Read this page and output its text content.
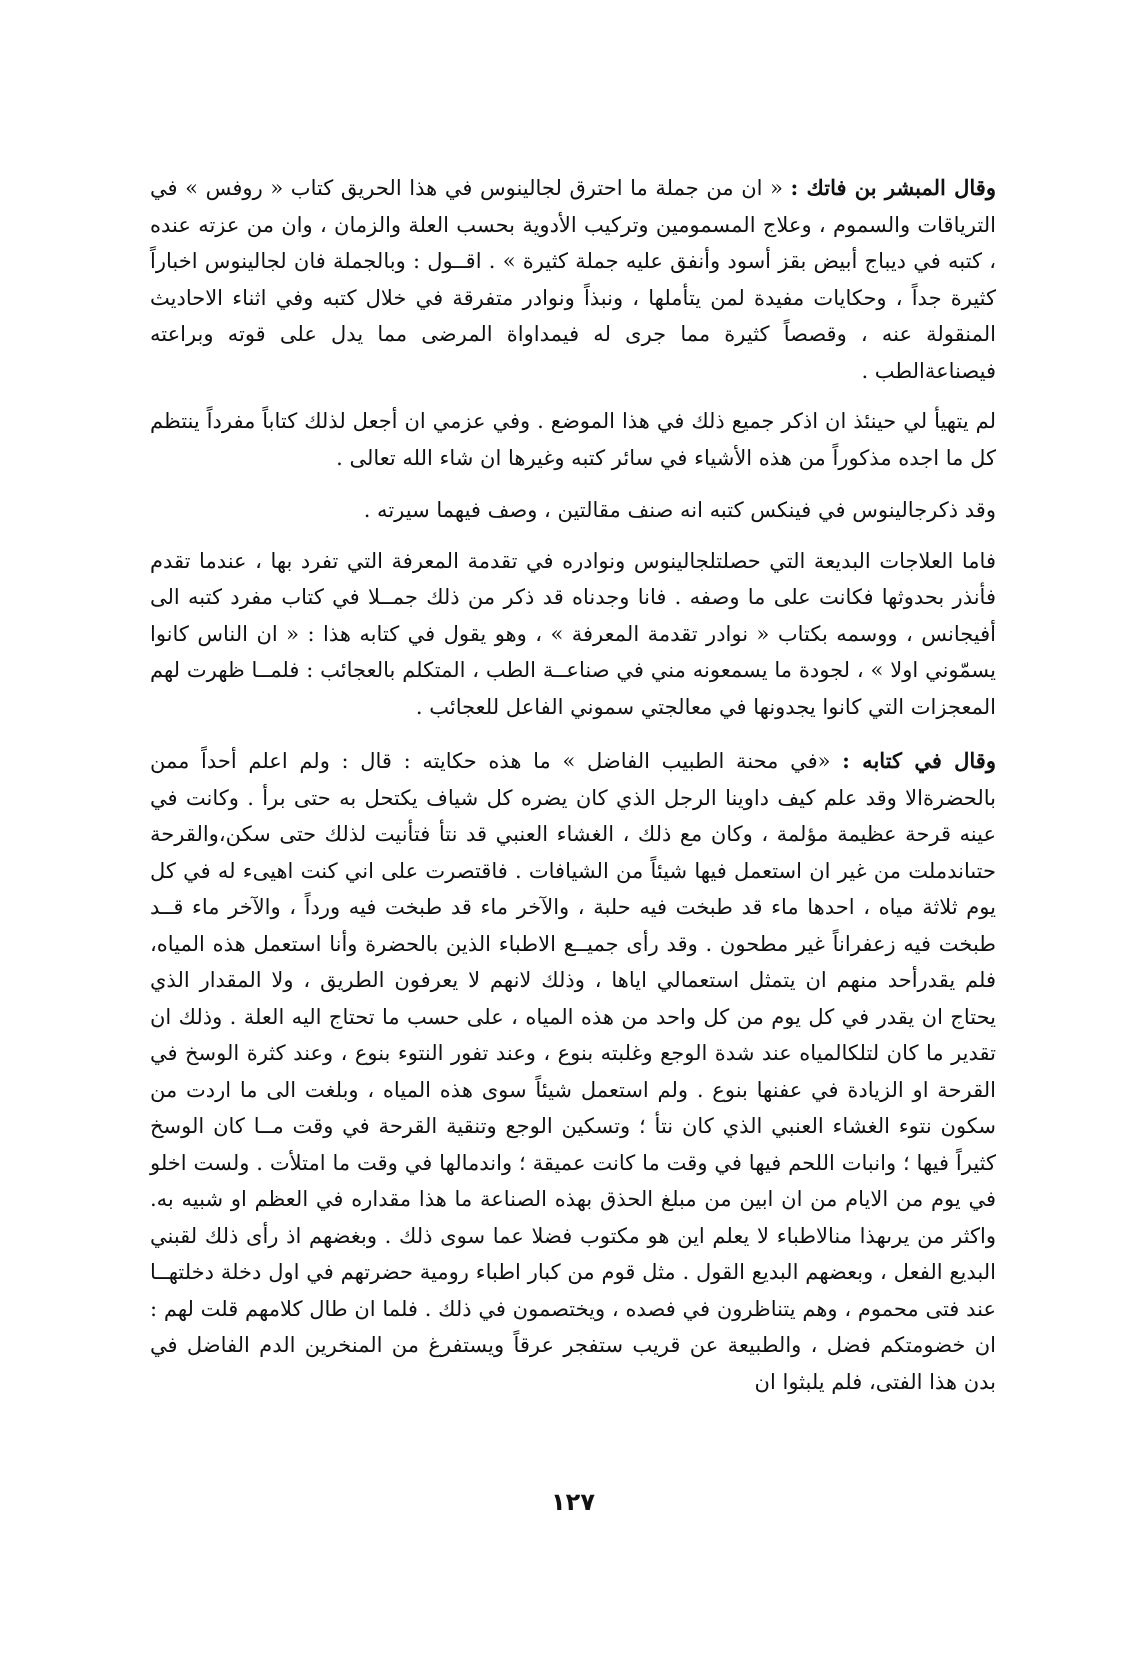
وقال المبشر بن فاتك : « ان من جملة ما احترق لجالينوس في هذا الحريق كتاب « روفس » في الترياقات والسموم ، وعلاج المسمومين وتركيب الأدوية بحسب العلة والزمان ، وان من عزته عنده ، كتبه في ديباج أبيض بقز أسود وأنفق عليه جملة كثيرة » . اقــول : وبالجملة فان لجالينوس اخباراً كثيرة جداً ، وحكايات مفيدة لمن يتأملها ، ونبذاً ونوادر متفرقة في خلال كتبه وفي اثناء الاحاديث المنقولة عنه ، وقصصاً كثيرة مما جرى له فيمداواة المرضى مما يدل على قوته وبراعته فيصناعةالطب .

لم يتهيأ لي حينئذ ان اذكر جميع ذلك في هذا الموضع . وفي عزمي ان أجعل لذلك كتاباً مفرداً ينتظم كل ما اجده مذكوراً من هذه الأشياء في سائر كتبه وغيرها ان شاء الله تعالى .

وقد ذكرجالينوس في فينكس كتبه انه صنف مقالتين ، وصف فيهما سيرته .

فاما العلاجات البديعة التي حصلتلجالينوس ونوادره في تقدمة المعرفة التي تفرد بها ، عندما تقدم فأنذر بحدوثها فكانت على ما وصفه . فانا وجدناه قد ذكر من ذلك جمــلا في كتاب مفرد كتبه الى أفيجانس ، ووسمه بكتاب « نوادر تقدمة المعرفة » ، وهو يقول في كتابه هذا : « ان الناس كانوا يسمّوني اولا » ، لجودة ما يسمعونه مني في صناعــة الطب ، المتكلم بالعجائب : فلمــا ظهرت لهم المعجزات التي كانوا يجدونها في معالجتي سموني الفاعل للعجائب .

وقال في كتابه : «في محنة الطبيب الفاضل » ما هذه حكايته : قال : ولم اعلم أحداً ممن بالحضرةالا وقد علم كيف داوينا الرجل الذي كان يضره كل شياف يكتحل به حتى برأ . وكانت في عينه قرحة عظيمة مؤلمة ، وكان مع ذلك ، الغشاء العنبي قد نتأ فتأنيت لذلك حتى سكن،والقرحة حتىاندملت من غير ان استعمل فيها شيئاً من الشيافات . فاقتصرت على اني كنت اهيىء له في كل يوم ثلاثة مياه ، احدها ماء قد طبخت فيه حلبة ، والآخر ماء قد طبخت فيه ورداً ، والآخر ماء قــد طبخت فيه زعفراناً غير مطحون . وقد رأى جميــع الاطباء الذين بالحضرة وأنا استعمل هذه المياه، فلم يقدرأحد منهم ان يتمثل استعمالي اياها ، وذلك لانهم لا يعرفون الطريق ، ولا المقدار الذي يحتاج ان يقدر في كل يوم من كل واحد من هذه المياه ، على حسب ما تحتاج اليه العلة . وذلك ان تقدير ما كان لتلكالمياه عند شدة الوجع وغلبته بنوع ، وعند تفور النتوء بنوع ، وعند كثرة الوسخ في القرحة او الزيادة في عفنها بنوع . ولم استعمل شيئاً سوى هذه المياه ، وبلغت الى ما اردت من سكون نتوء الغشاء العنبي الذي كان نتأ ؛ وتسكين الوجع وتنقية القرحة في وقت مــا كان الوسخ كثيراً فيها ؛ وانبات اللحم فيها في وقت ما كانت عميقة ؛ واندمالها في وقت ما امتلأت . ولست اخلو في يوم من الايام من ان ابين من مبلغ الحذق بهذه الصناعة ما هذا مقداره في العظم او شبيه به. واكثر من يرىهذا منالاطباء لا يعلم اين هو مكتوب فضلا عما سوى ذلك . وبغضهم اذ رأى ذلك لقبني البديع الفعل ، وبعضهم البديع القول . مثل قوم من كبار اطباء رومية حضرتهم في اول دخلة دخلتهــا عند فتى محموم ، وهم يتناظرون في فصده ، ويختصمون في ذلك . فلما ان طال كلامهم قلت لهم : ان خضومتكم فضل ، والطبيعة عن قريب ستفجر عرقاً ويستفرغ من المنخرين الدم الفاضل في بدن هذا الفتى، فلم يلبثوا ان

١٢٧
